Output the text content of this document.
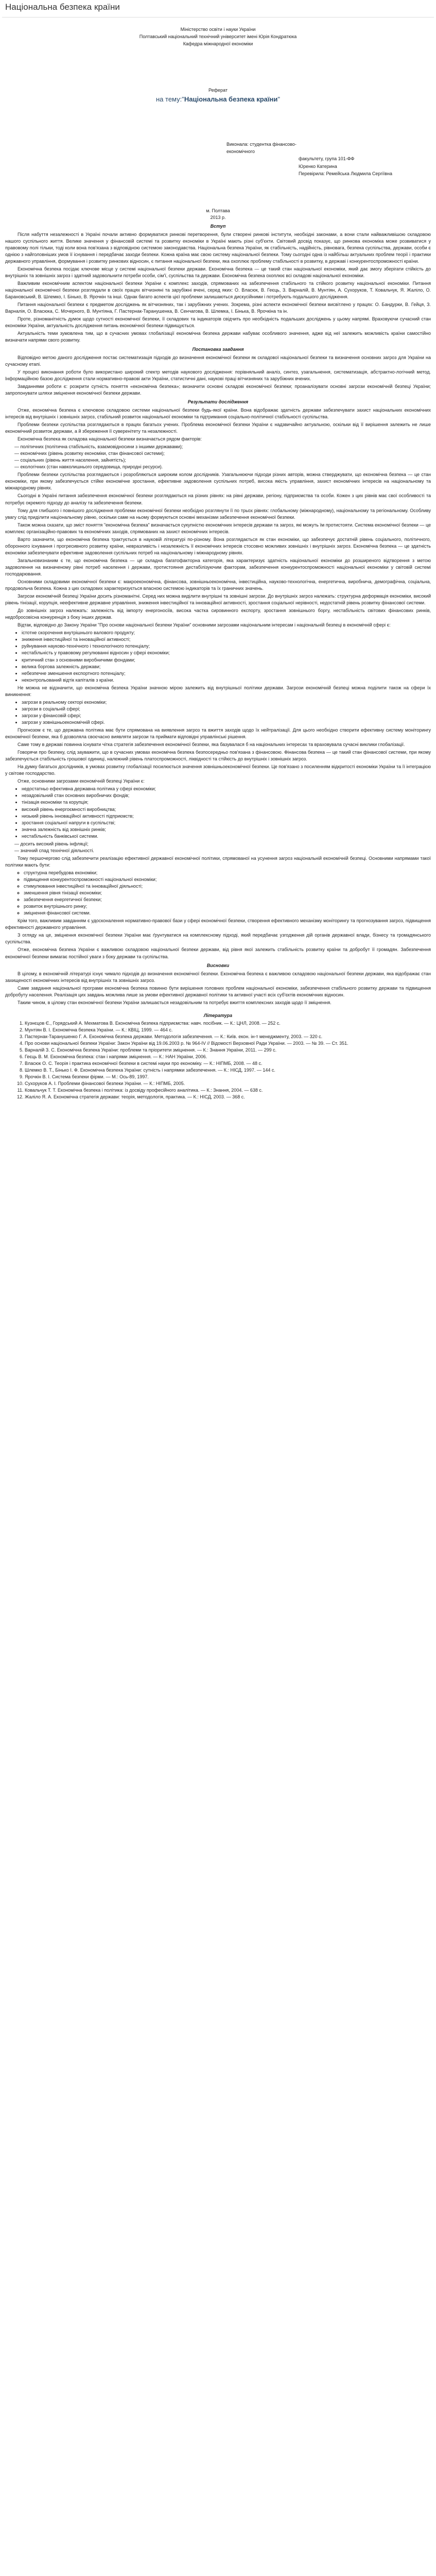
Національна безпека країни
Міністерство освіти і науки України
Полтавський національний технічний університет імені Юрія Кондратюка
Кафедра міжнародної економіки
Реферат
на тему:"Національна безпека країни"
Виконала: студентка фінансово-
економічного
факультету, група 101-ФФ
Юренко Катерина
Перевірила: Ремейська Людмила Сергіївна
м. Полтава
2013 р.
Вступ

Після набуття незалежності в Україні почали активно формуватися ринкові перетворення, були створені ринкові інститути, необхідні законами, а вони стали найважливішою складовою нашого суспільного життя. Велике значення у фінансовій системі та розвитку економіки в Україні мають різні суб'єкти. Світовий досвід показує, що ринкова економіка може розвиватися у правовому полі тільки, тоді коли вона пов'язана з відповідною системою законодавства. Національна безпека України, як стабільність, надійність, рівновага, безпека суспільства, держави, особи є однією з найголовніших умов її існування і передбачає заходи безпеки. Кожна країна має свою систему національної безпеки. Тому сьогодні одна із найбільш актуальних проблем теорії і практики державного управління, формування і розвитку ринкових відносин, є питання національної безпеки, яка охоплює проблему стабільності в розвитку, в державі і конкурентоспроможності країни.

Економічна безпека посідає ключове місце у системі національної безпеки держави. Економічна безпека — це такий стан національної економіки, який дає змогу зберігати стійкість до внутрішніх та зовнішніх загроз і здатний задовольнити потреби особи, сім'ї, суспільства та держави. Економічна безпека охоплює всі складові національної економіки.

Важливим економічним аспектом національної безпеки України є комплекс заходів, спрямованих на забезпечення стабільного та стійкого розвитку національної економіки. Питання національної економічної безпеки розглядали в своїх працях вітчизняні та зарубіжні вчені, серед яких: О. Власюк, В. Геєць, З. Варналій, В. Мунтіян, А. Сухоруков, Т. Ковальчук, Я. Жаліло, О. Барановський, В. Шлемко, І. Бінько, В. Ярочкін та інші. Однак багато аспектів цієї проблеми залишаються дискусійними і потребують подальшого дослідження.

Питання національної безпеки є предметом досліджень як вітчизняних, так і зарубіжних учених. Зокрема, різні аспекти економічної безпеки висвітлено у працях: О. Бандурки, В. Гейця, З. Варналія, О. Власюка, С. Мочерного, В. Мунтіяна, Г. Пастернак-Таранушенка, В. Сенчагова, В. Шлемка, І. Бінька, В. Ярочкіна та ін.

Проте, різноманітність думок щодо сутності економічної безпеки, її складових та індикаторів свідчить про необхідність подальших досліджень у цьому напрямі. Враховуючи сучасний стан економіки України, актуальність дослідження питань економічної безпеки підвищується.

Актуальність теми зумовлена тим, що в сучасних умовах глобалізації економічна безпека держави набуває особливого значення, адже від неї залежить можливість країни самостійно визначати напрями свого розвитку.

Постановка завдання

Відповідно метою даного дослідження постає систематизація підходів до визначення економічної безпеки як складової національної безпеки та визначення основних загроз для України на сучасному етапі.

У процесі виконання роботи було використано широкий спектр методів наукового дослідження: порівняльний аналіз, синтез, узагальнення, систематизація, абстрактно-логічний метод. Інформаційною базою дослідження стали нормативно-правові акти України, статистичні дані, наукові праці вітчизняних та зарубіжних вчених.

Завданнями роботи є: розкрити сутність поняття «економічна безпека»; визначити основні складові економічної безпеки; проаналізувати основні загрози економічній безпеці України; запропонувати шляхи зміцнення економічної безпеки держави.

Результати дослідження

Отже, економічна безпека є ключовою складовою системи національної безпеки будь-якої країни. Вона відображає здатність держави забезпечувати захист національних економічних інтересів від внутрішніх і зовнішніх загроз, стабільний розвиток національної економіки та підтримання соціально-політичної стабільності суспільства.

Проблеми безпеки суспільства розглядаються в працях багатьох учених. Проблема економічної безпеки України є надзвичайно актуальною, оскільки від її вирішення залежить не лише економічний розвиток держави, а й збереження її суверенітету та незалежності.

Економічна безпека як складова національної безпеки визначається рядом факторів:

— політичних (політична стабільність, взаємовідносини з іншими державами);
— економічних (рівень розвитку економіки, стан фінансової системи);
— соціальних (рівень життя населення, зайнятість);
— екологічних (стан навколишнього середовища, природні ресурси).

Проблеми безпеки суспільства розглядаються і розробляються широким колом дослідників. Узагальнюючи підходи різних авторів, можна стверджувати, що економічна безпека — це стан економіки, при якому забезпечується стійке економічне зростання, ефективне задоволення суспільних потреб, висока якість управління, захист економічних інтересів на національному та міжнародному рівнях.

Сьогодні в Україні питання забезпечення економічної безпеки розглядаються на різних рівнях: на рівні держави, регіону, підприємства та особи. Кожен з цих рівнів має свої особливості та потребує окремого підходу до аналізу та забезпечення безпеки.

Тому для глибшого і повнішого дослідження проблеми економічної безпеки необхідно розглянути її по трьох рівнях: глобальному (міжнародному), національному та регіональному. Особливу увагу слід приділити національному рівню, оскільки саме на ньому формуються основні механізми забезпечення економічної безпеки.

Також можна сказати, що зміст поняття "економічна безпека" визначається сукупністю економічних інтересів держави та загроз, які можуть їм протистояти. Система економічної безпеки — це комплекс організаційно-правових та економічних заходів, спрямованих на захист економічних інтересів.

Варто зазначити, що економічна безпека трактується в науковій літературі по-різному. Вона розглядається як стан економіки, що забезпечує достатній рівень соціального, політичного, оборонного існування і прогресивного розвитку країни, невразливість і незалежність її економічних інтересів стосовно можливих зовнішніх і внутрішніх загроз. Економічна безпека — це здатність економіки забезпечувати ефективне задоволення суспільних потреб на національному і міжнародному рівнях.

Загальновизнаним є те, що економічна безпека — це складна багатофакторна категорія, яка характеризує здатність національної економіки до розширеного відтворення з метою задоволення на визначеному рівні потреб населення і держави, протистояння дестабілізуючим факторам, забезпечення конкурентоспроможності національної економіки у світовій системі господарювання.

Основними складовими економічної безпеки є: макроекономічна, фінансова, зовнішньоекономічна, інвестиційна, науково-технологічна, енергетична, виробнича, демографічна, соціальна, продовольча безпека. Кожна з цих складових характеризується власною системою індикаторів та їх граничних значень.

Загрози економічній безпеці України досить різноманітні. Серед них можна виділити внутрішні та зовнішні загрози. До внутрішніх загроз належать: структурна деформація економіки, високий рівень тінізації, корупція, неефективне державне управління, зниження інвестиційної та інноваційної активності, зростання соціальної нерівності, недостатній рівень розвитку фінансової системи.

До зовнішніх загроз належать: залежність від імпорту енергоносіїв, висока частка сировинного експорту, зростання зовнішнього боргу, нестабільність світових фінансових ринків, недобросовісна конкуренція з боку інших держав.

Відтак, відповідно до Закону України "Про основи національної безпеки України" основними загрозами національним інтересам і національній безпеці в економічній сфері є:

• істотне скорочення внутрішнього валового продукту;
• зниження інвестиційної та інноваційної активності;
• руйнування науково-технічного і технологічного потенціалу;
• нестабільність у правовому регулюванні відносин у сфері економіки;
• критичний стан з основними виробничими фондами;
• велика боргова залежність держави;
• небезпечне зменшення експортного потенціалу;
• неконтрольований відтік капіталів з країни.

Не можна не відзначити, що економічна безпека України значною мірою залежить від внутрішньої політики держави. Загрози економічній безпеці можна поділити також на сфери їх виникнення:

• загрози в реальному секторі економіки;
• загрози в соціальній сфері;
• загрози у фінансовій сфері;
• загрози у зовнішньоекономічній сфері.

Прогнозом є те, що державна політика має бути спрямована на виявлення загроз та вжиття заходів щодо їх нейтралізації. Для цього необхідно створити ефективну систему моніторингу економічної безпеки, яка б дозволяла своєчасно виявляти загрози та приймати відповідні управлінські рішення.

Саме тому в державі повинна існувати чітка стратегія забезпечення економічної безпеки, яка базувалася б на національних інтересах та враховувала сучасні виклики глобалізації.

Говорячи про безпеку, слід зауважити, що в сучасних умовах економічна безпека безпосередньо пов'язана з фінансовою. Фінансова безпека — це такий стан фінансової системи, при якому забезпечується стабільність грошової одиниці, належний рівень платоспроможності, ліквідності та стійкість до внутрішніх і зовнішніх загроз.

На думку багатьох дослідників, в умовах розвитку глобалізації посилюється значення зовнішньоекономічної безпеки. Це пов'язано з посиленням відкритості економіки України та її інтеграцією у світове господарство.

Отже, основними загрозами економічній безпеці України є:

• недостатньо ефективна державна політика у сфері економіки;
• незадовільний стан основних виробничих фондів;
• тінізація економіки та корупція;
• високий рівень енергоємності виробництва;
• низький рівень інноваційної активності підприємств;
• зростання соціальної напруги в суспільстві;
• значна залежність від зовнішніх ринків;
• нестабільність банківської системи.
— досить високий рівень інфляції;
— значний спад технічної діяльності.

Тому першочергово слід забезпечити реалізацію ефективної державної економічної політики, спрямованої на усунення загроз національній економічній безпеці. Основними напрямами такої політики мають бути:

◦ структурна перебудова економіки;
◦ підвищення конкурентоспроможності національної економіки;
◦ стимулювання інвестиційної та інноваційної діяльності;
◦ зменшення рівня тінізації економіки;
◦ забезпечення енергетичної безпеки;
◦ розвиток внутрішнього ринку;
◦ зміцнення фінансової системи.

Крім того, важливим завданням є удосконалення нормативно-правової бази у сфері економічної безпеки, створення ефективного механізму моніторингу та прогнозування загроз, підвищення ефективності державного управління.

З огляду на це, зміцнення економічної безпеки України має ґрунтуватися на комплексному підході, який передбачає узгодження дій органів державної влади, бізнесу та громадянського суспільства.

Отже, економічна безпека України є важливою складовою національної безпеки держави, від рівня якої залежить стабільність розвитку країни та добробут її громадян. Забезпечення економічної безпеки вимагає постійної уваги з боку держави та суспільства.

Висновки

В цілому, в економічній літературі існує чимало підходів до визначення економічної безпеки. Економічна безпека є важливою складовою національної безпеки держави, яка відображає стан захищеності економічних інтересів від внутрішніх та зовнішніх загроз.

Саме ​​завдання національної програми економічна безпека повинно бути вирішення головних проблем національної економіки, забезпечення стабільного розвитку держави та підвищення добробуту населення. Реалізація цих завдань можлива лише за умови ефективної державної політики та активної участі всіх суб'єктів економічних відносин.

Таким чином, в цілому стан економічної безпеки України залишається незадовільним та потребує вжиття комплексних заходів щодо її зміцнення.

Література
1. Кузнєцов Є., Горядський А. Мехматова В. Економічна безпека підприємства: навч. посібник. — К.: ЦНЛ, 2008. — 252 с.
2. Мунтіян В. І. Економічна безпека України. — К.: КВІЦ, 1999. — 464 с.
3. Пастернак-Таранушенко Г. А. Економічна безпека держави. Методологія забезпечення. — К.: Київ. екон. ін-т менеджменту, 2003. — 320 с.
4. Про основи національної безпеки України: Закон України від 19.06.2003 р. № 964-IV // Відомості Верховної Ради України. — 2003. — № 39. — Ст. 351.
5. Варналій З. С. Економічна безпека України: проблеми та пріоритети зміцнення. — К.: Знання України, 2011. — 299 с.
6. Геєць В. М. Економічна безпека: стан і напрями зміцнення. — К.: НАН України, 2006.
7. Власюк О. С. Теорія і практика економічної безпеки в системі науки про економіку. — К.: НІПМБ, 2008. — 48 с.
8. Шлемко В. Т., Бінько І. Ф. Економічна безпека України: сутність і напрямки забезпечення. — К.: НІСД, 1997. — 144 с.
9. Ярочкін В. І. Система безпеки фірми. — М.: Ось-89, 1997.
10. Сухоруков А. І. Проблеми фінансової безпеки України. — К.: НІПМБ, 2005.
11. Ковальчук Т. Т. Економічна безпека і політика: із досвіду професійного аналітика. — К.: Знання, 2004. — 638 с.
12. Жаліло Я. А. Економічна стратегія держави: теорія, методологія, практика. — К.: НІСД, 2003. — 368 с.
